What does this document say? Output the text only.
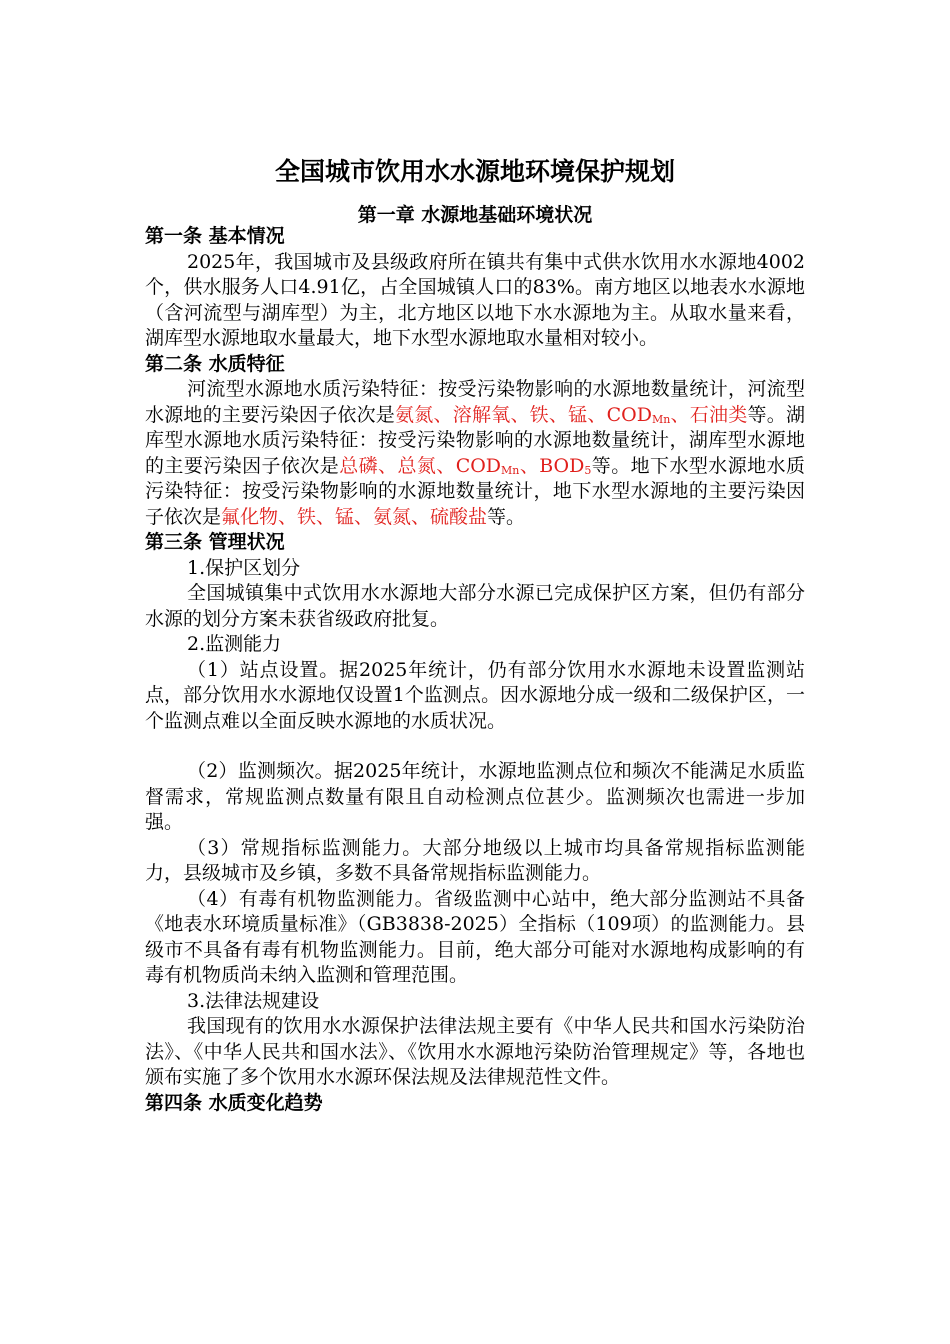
全国城市饮用水水源地环境保护规划
第一章 水源地基础环境状况

第一条 基本情况

2025年，我国城市及县级政府所在镇共有集中式供水饮用水水源地4002个，供水服务人口4.91亿，占全国城镇人口的83%。南方地区以地表水水源地（含河流型与湖库型）为主，北方地区以地下水水源地为主。从取水量来看，湖库型水源地取水量最大，地下水型水源地取水量相对较小。

第二条 水质特征

河流型水源地水质污染特征：按受污染物影响的水源地数量统计，河流型水源地的主要污染因子依次是氨氮、溶解氧、铁、锰、$COD_{Mn}$、石油类等。湖库型水源地水质污染特征：按受污染物影响的水源地数量统计，湖库型水源地的主要污染因子依次是总磷、总氮、$COD_{Mn}$、$BOD_5$等。地下水型水源地水质污染特征：按受污染物影响的水源地数量统计，地下水型水源地的主要污染因子依次是氟化物、铁、锰、氨氮、硫酸盐等。

第三条 管理状况

1.保护区划分

全国城镇集中式饮用水水源地大部分水源已完成保护区方案，但仍有部分水源的划分方案未获省级政府批复。

2.监测能力

（1）站点设置。据2025年统计，仍有部分饮用水水源地未设置监测站点，部分饮用水水源地仅设置1个监测点。因水源地分成一级和二级保护区，一个监测点难以全面反映水源地的水质状况。

（2）监测频次。据2025年统计，水源地监测点位和频次不能满足水质监督需求，常规监测点数量有限且自动检测点位甚少。监测频次也需进一步加强。

（3）常规指标监测能力。大部分地级以上城市均具备常规指标监测能力，县级城市及乡镇，多数不具备常规指标监测能力。

（4）有毒有机物监测能力。省级监测中心站中，绝大部分监测站不具备《地表水环境质量标准》（GB3838-2025）全指标（109项）的监测能力。县级市不具备有毒有机物监测能力。目前，绝大部分可能对水源地构成影响的有毒有机物质尚未纳入监测和管理范围。

3.法律法规建设

我国现有的饮用水水源保护法律法规主要有《中华人民共和国水污染防治法》、《中华人民共和国水法》、《饮用水水源地污染防治管理规定》等，各地也颁布实施了多个饮用水水源环保法规及法律规范性文件。

第四条 水质变化趋势
